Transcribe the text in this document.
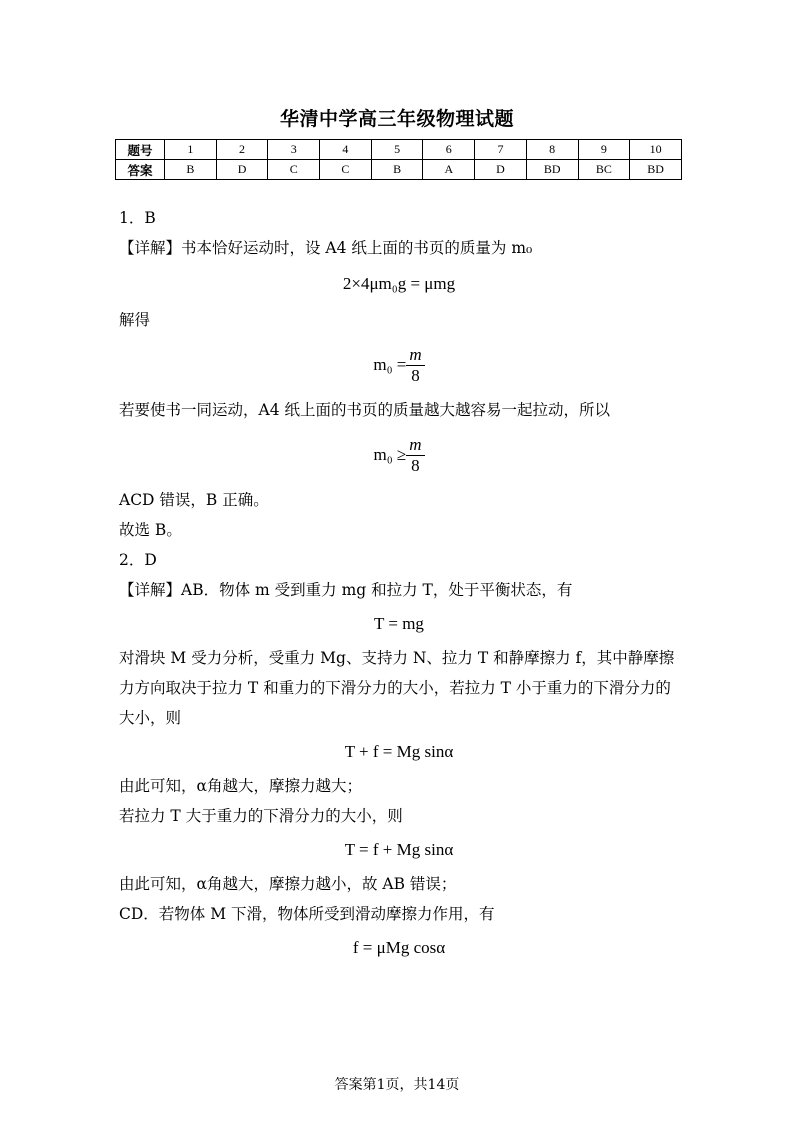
华清中学高三年级物理试题
题号	1	2	3	4	5	6	7	8	9	10
答案	B	D	C	C	B	A	D	BD	BC	BD

1．B

【详解】书本恰好运动时，设 A4 纸上面的书页的质量为 m₀

2×4μm₀g = μmg

解得

$m_0 = \frac{m}{8}$

若要使书一同运动，A4 纸上面的书页的质量越大越容易一起拉动，所以

$m_0 \ge \frac{m}{8}$

ACD 错误，B 正确。

故选 B。

2．D

【详解】AB．物体 m 受到重力 mg 和拉力 T，处于平衡状态，有

T = mg

对滑块 M 受力分析，受重力 Mg、支持力 N、拉力 T 和静摩擦力 f，其中静摩擦

力方向取决于拉力 T 和重力的下滑分力的大小，若拉力 T 小于重力的下滑分力的

大小，则

T + f = Mg sinα

由此可知，α角越大，摩擦力越大；

若拉力 T 大于重力的下滑分力的大小，则

T = f + Mg sinα

由此可知，α角越大，摩擦力越小，故 AB 错误；

CD．若物体 M 下滑，物体所受到滑动摩擦力作用，有

f = μMg cosα

答案第1页，共14页
